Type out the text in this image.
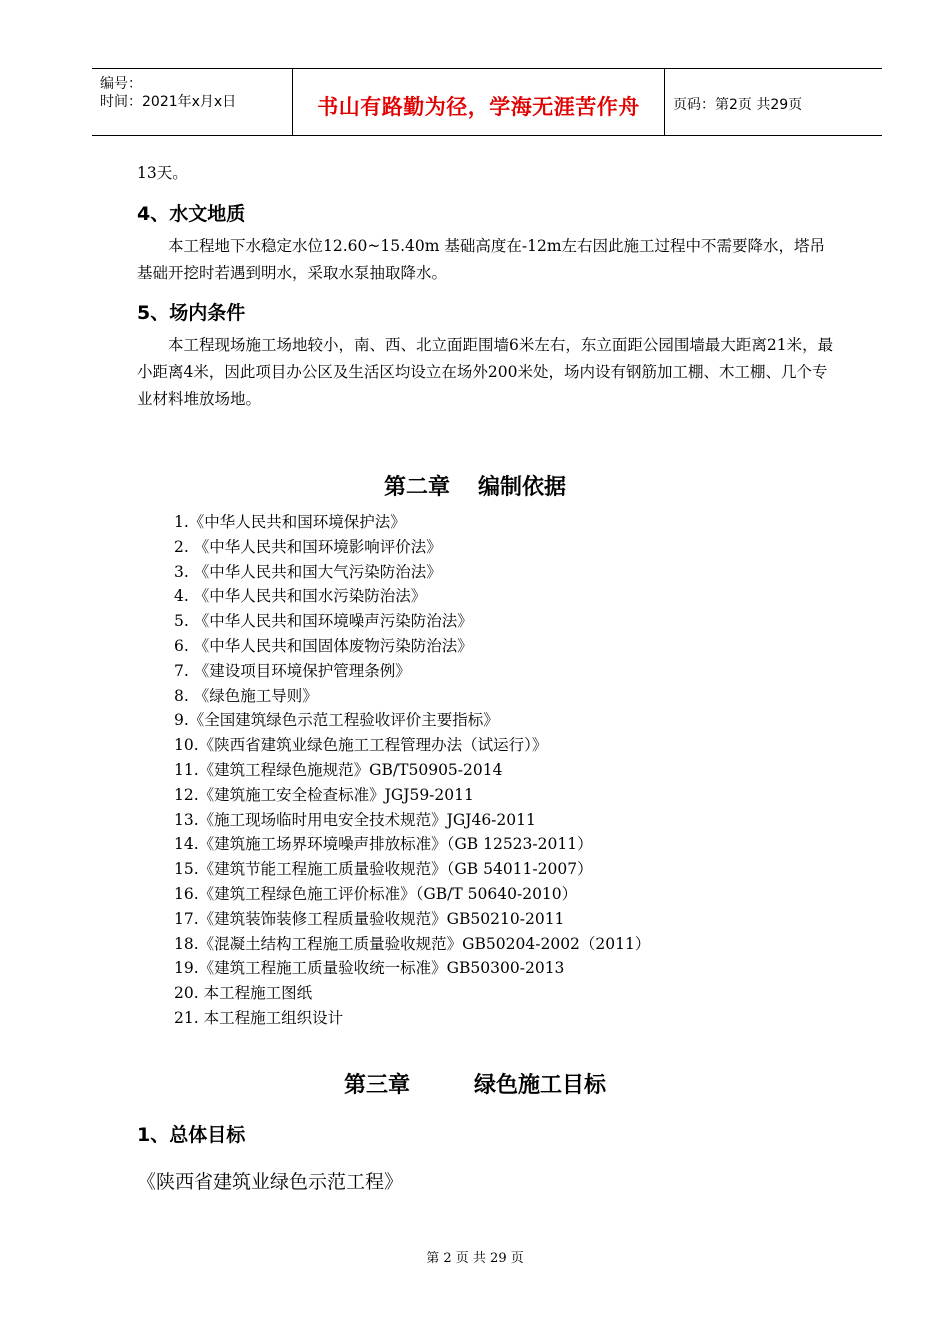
编号：
时间：2021年x月x日	书山有路勤为径，学海无涯苦作舟	页码：第2页 共29页
13天。
4、水文地质

本工程地下水稳定水位12.60~15.40m 基础高度在-12m左右因此施工过程中不需要降水，塔吊基础开挖时若遇到明水，采取水泵抽取降水。

5、场内条件

本工程现场施工场地较小，南、西、北立面距围墙6米左右，东立面距公园围墙最大距离21米，最小距离4米，因此项目办公区及生活区均设立在场外200米处，场内设有钢筋加工棚、木工棚、几个专业材料堆放场地。

第二章 编制依据
1.《中华人民共和国环境保护法》
2. 《中华人民共和国环境影响评价法》
3. 《中华人民共和国大气污染防治法》
4. 《中华人民共和国水污染防治法》
5. 《中华人民共和国环境噪声污染防治法》
6. 《中华人民共和国固体废物污染防治法》
7. 《建设项目环境保护管理条例》
8. 《绿色施工导则》
9.《全国建筑绿色示范工程验收评价主要指标》
10.《陕西省建筑业绿色施工工程管理办法（试运行）》
11.《建筑工程绿色施规范》GB/T50905-2014
12.《建筑施工安全检查标准》JGJ59-2011
13.《施工现场临时用电安全技术规范》JGJ46-2011
14.《建筑施工场界环境噪声排放标准》（GB 12523-2011）
15.《建筑节能工程施工质量验收规范》（GB 54011-2007）
16.《建筑工程绿色施工评价标准》（GB/T 50640-2010）
17.《建筑装饰装修工程质量验收规范》GB50210-2011
18.《混凝土结构工程施工质量验收规范》GB50204-2002（2011）
19.《建筑工程施工质量验收统一标准》GB50300-2013
20. 本工程施工图纸
21. 本工程施工组织设计
第三章	绿色施工目标
1、总体目标
《陕西省建筑业绿色示范工程》
第 2 页 共 29 页
